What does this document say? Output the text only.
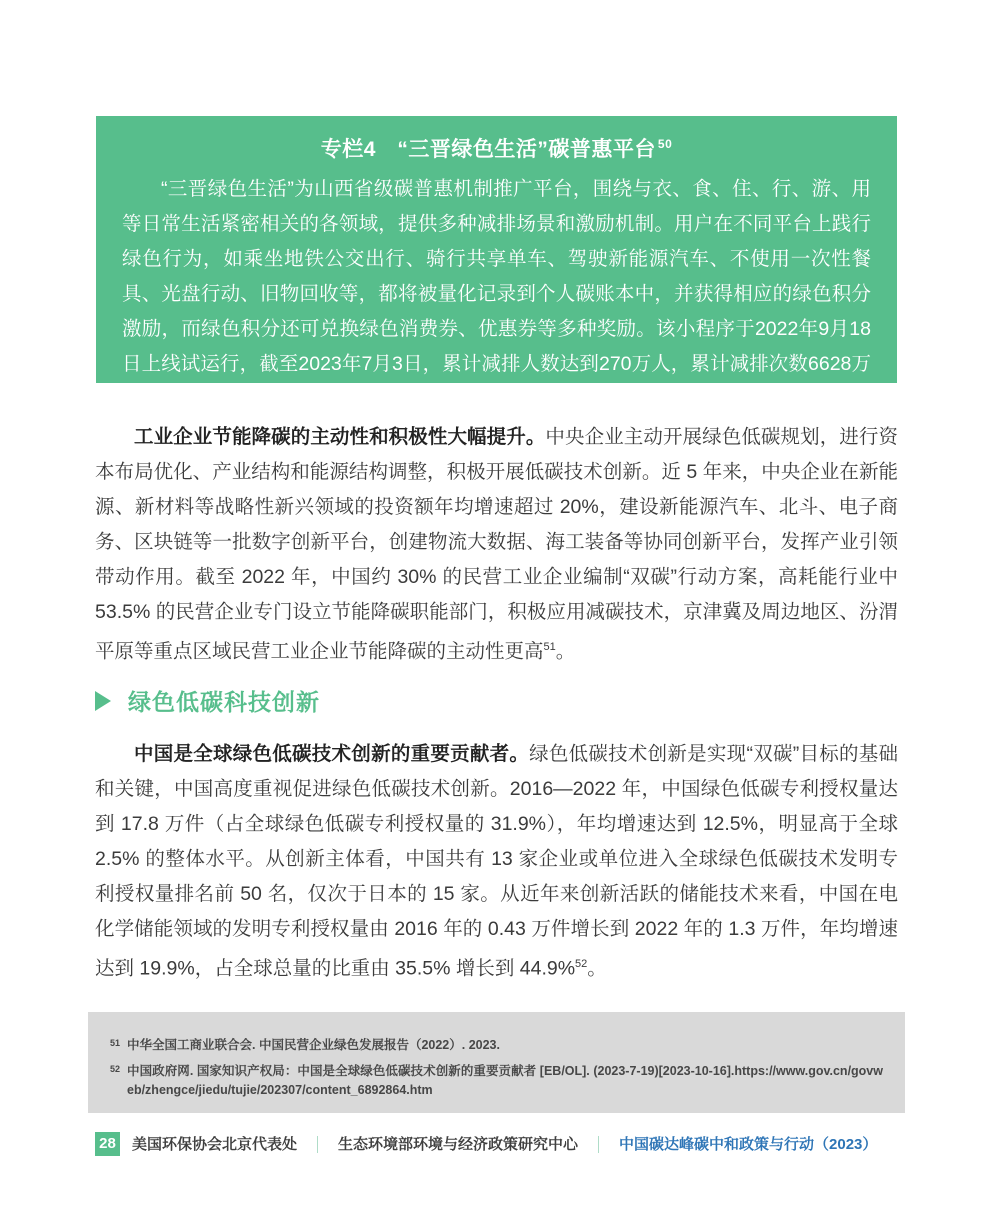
专栏4　“三晋绿色生活”碳普惠平台 $^{50}$

“三晋绿色生活”为山西省级碳普惠机制推广平台，围绕与衣、食、住、行、游、用等日常生活紧密相关的各领域，提供多种减排场景和激励机制。用户在不同平台上践行绿色行为，如乘坐地铁公交出行、骑行共享单车、驾驶新能源汽车、不使用一次性餐具、光盘行动、旧物回收等，都将被量化记录到个人碳账本中，并获得相应的绿色积分激励，而绿色积分还可兑换绿色消费券、优惠券等多种奖励。该小程序于2022年9月18日上线试运行，截至2023年7月3日，累计减排人数达到270万人，累计减排次数6628万次，累计减排二氧化碳6.65万吨。

工业企业节能降碳的主动性和积极性大幅提升。中央企业主动开展绿色低碳规划，进行资本布局优化、产业结构和能源结构调整，积极开展低碳技术创新。近 5 年来，中央企业在新能源、新材料等战略性新兴领域的投资额年均增速超过 20%，建设新能源汽车、北斗、电子商务、区块链等一批数字创新平台，创建物流大数据、海工装备等协同创新平台，发挥产业引领带动作用。截至 2022 年，中国约 30% 的民营工业企业编制“双碳”行动方案，高耗能行业中 53.5% 的民营企业专门设立节能降碳职能部门，积极应用减碳技术，京津冀及周边地区、汾渭平原等重点区域民营工业企业节能降碳的主动性更高$^{51}$。

绿色低碳科技创新

中国是全球绿色低碳技术创新的重要贡献者。绿色低碳技术创新是实现“双碳”目标的基础和关键，中国高度重视促进绿色低碳技术创新。2016—2022 年，中国绿色低碳专利授权量达到 17.8 万件（占全球绿色低碳专利授权量的 31.9%），年均增速达到 12.5%，明显高于全球 2.5% 的整体水平。从创新主体看，中国共有 13 家企业或单位进入全球绿色低碳技术发明专利授权量排名前 50 名，仅次于日本的 15 家。从近年来创新活跃的储能技术来看，中国在电化学储能领域的发明专利授权量由 2016 年的 0.43 万件增长到 2022 年的 1.3 万件，年均增速达到 19.9%，占全球总量的比重由 35.5% 增长到 44.9%$^{52}$。

51 中华全国工商业联合会. 中国民营企业绿色发展报告（2022）. 2023.
52 中国政府网. 国家知识产权局：中国是全球绿色低碳技术创新的重要贡献者 [EB/OL]. (2023-7-19)[2023-10-16].https://www.gov.cn/govweb/zhengce/jiedu/tujie/202307/content_6892864.htm
28 美国环保协会北京代表处 ｜ 生态环境部环境与经济政策研究中心 ｜ 中国碳达峰碳中和政策与行动（2023）
